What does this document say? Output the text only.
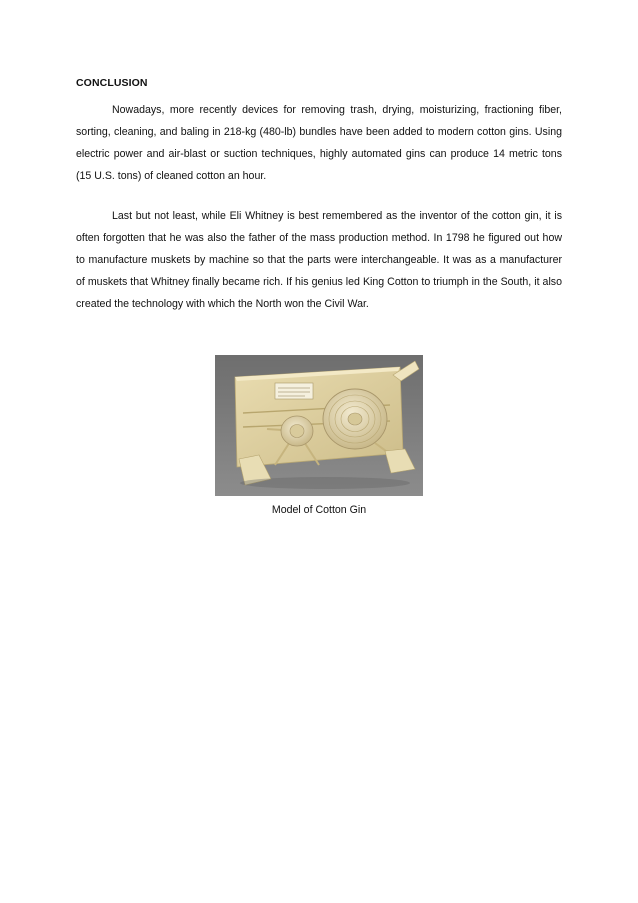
CONCLUSION

Nowadays, more recently devices for removing trash, drying, moisturizing, fractioning fiber, sorting, cleaning, and baling in 218-kg (480-lb) bundles have been added to modern cotton gins. Using electric power and air-blast or suction techniques, highly automated gins can produce 14 metric tons (15 U.S. tons) of cleaned cotton an hour.

Last but not least, while Eli Whitney is best remembered as the inventor of the cotton gin, it is often forgotten that he was also the father of the mass production method. In 1798 he figured out how to manufacture muskets by machine so that the parts were interchangeable. It was as a manufacturer of muskets that Whitney finally became rich. If his genius led King Cotton to triumph in the South, it also created the technology with which the North won the Civil War.

Model of Cotton Gin
